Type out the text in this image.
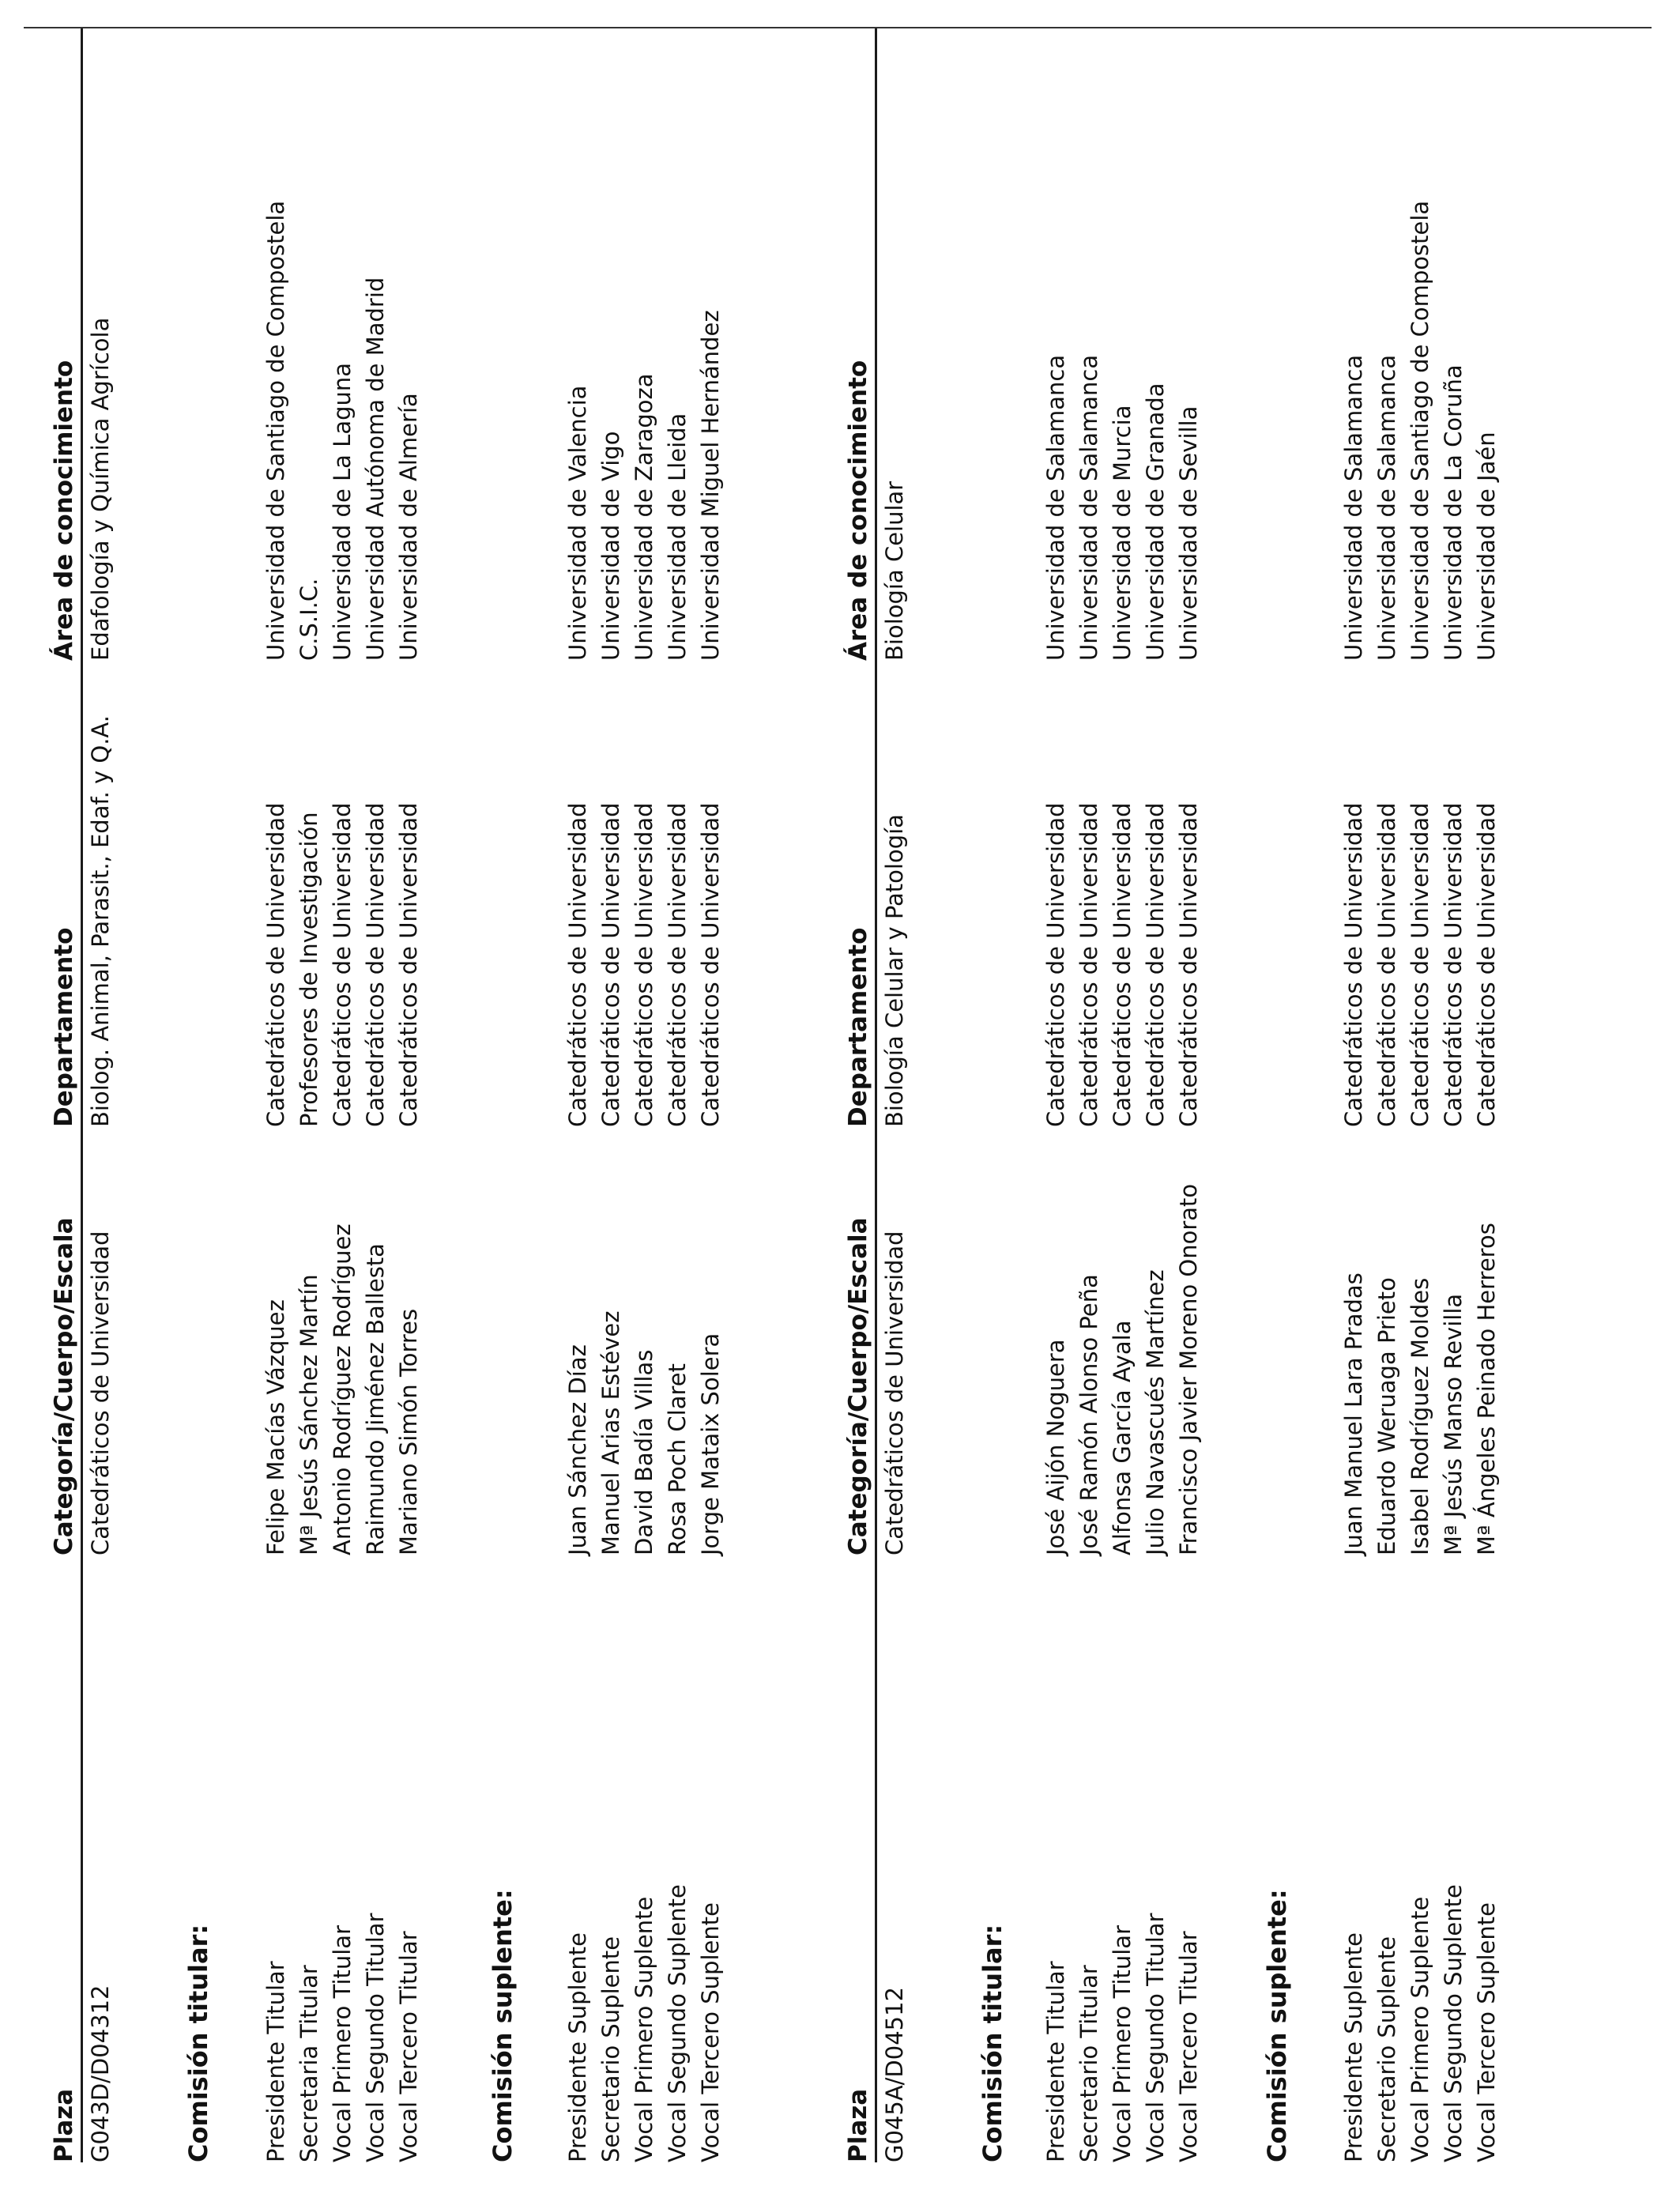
Plaza
Categoría/Cuerpo/Escala
Departamento
Área de conocimiento
G043D/D04312
Catedráticos de Universidad
Biolog. Animal, Parasit., Edaf. y Q.A.
Edafología y Química Agrícola
Comisión titular: Presidente Titular Secretaria Titular Vocal Primero Titular Vocal Segundo Titular Vocal Tercero Titular
Felipe Macías Vázquez Mª Jesús Sánchez Martín Antonio Rodríguez Rodríguez Raimundo Jiménez Ballesta Mariano Simón Torres
Catedráticos de Universidad Profesores de Investigación Catedráticos de Universidad Catedráticos de Universidad Catedráticos de Universidad
Universidad de Santiago de Compostela C.S.I.C. Universidad de La Laguna Universidad Autónoma de Madrid Universidad de Almería
Comisión suplente: Presidente Suplente Secretario Suplente Vocal Primero Suplente Vocal Segundo Suplente Vocal Tercero Suplente
Juan Sánchez Díaz Manuel Arias Estévez David Badía Villas Rosa Poch Claret Jorge Mataix Solera
Catedráticos de Universidad Catedráticos de Universidad Catedráticos de Universidad Catedráticos de Universidad Catedráticos de Universidad
Universidad de Valencia Universidad de Vigo Universidad de Zaragoza Universidad de Lleida Universidad Miguel Hernández
Plaza
Categoría/Cuerpo/Escala
Departamento
Área de conocimiento
G045A/D04512
Catedráticos de Universidad
Biología Celular y Patología
Biología Celular
Comisión titular: Presidente Titular Secretario Titular Vocal Primero Titular Vocal Segundo Titular Vocal Tercero Titular
José Aijón Noguera José Ramón Alonso Peña Alfonsa García Ayala Julio Navascués Martínez Francisco Javier Moreno Onorato
Catedráticos de Universidad Catedráticos de Universidad Catedráticos de Universidad Catedráticos de Universidad Catedráticos de Universidad
Universidad de Salamanca Universidad de Salamanca Universidad de Murcia Universidad de Granada Universidad de Sevilla
Comisión suplente: Presidente Suplente Secretario Suplente Vocal Primero Suplente Vocal Segundo Suplente Vocal Tercero Suplente
Juan Manuel Lara Pradas Eduardo Weruaga Prieto Isabel Rodríguez Moldes Mª Jesús Manso Revilla Mª Ángeles Peinado Herreros
Catedráticos de Universidad Catedráticos de Universidad Catedráticos de Universidad Catedráticos de Universidad Catedráticos de Universidad
Universidad de Salamanca Universidad de Salamanca Universidad de Santiago de Compostela Universidad de La Coruña Universidad de Jaén
